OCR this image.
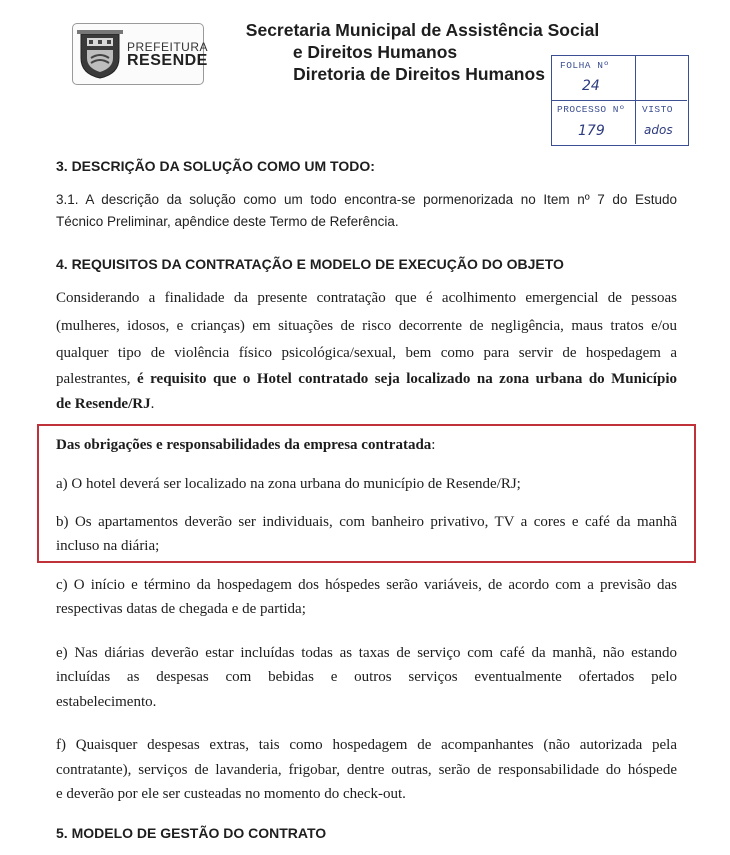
PREFEITURA
RESENDE
Secretaria Municipal de Assistência Social
e Direitos Humanos
Diretoria de Direitos Humanos	FOLHA Nº
24
PROCESSO Nº
179
VISTO
ados
3. DESCRIÇÃO DA SOLUÇÃO COMO UM TODO:
3.1. A descrição da solução como um todo encontra-se pormenorizada no Item nº 7 do Estudo
Técnico Preliminar, apêndice deste Termo de Referência.
4. REQUISITOS DA CONTRATAÇÃO E MODELO DE EXECUÇÃO DO OBJETO
Considerando a finalidade da presente contratação que é acolhimento emergencial de pessoas
(mulheres, idosos, e crianças) em situações de risco decorrente de negligência, maus tratos e/ou
qualquer tipo de violência físico psicológica/sexual, bem como para servir de hospedagem a
palestrantes, é requisito que o Hotel contratado seja localizado na zona urbana do Município
de Resende/RJ.
Das obrigações e responsabilidades da empresa contratada:
a) O hotel deverá ser localizado na zona urbana do município de Resende/RJ;
b) Os apartamentos deverão ser individuais, com banheiro privativo, TV a cores e café da manhã
incluso na diária;
c) O início e término da hospedagem dos hóspedes serão variáveis, de acordo com a previsão das
respectivas datas de chegada e de partida;
e) Nas diárias deverão estar incluídas todas as taxas de serviço com café da manhã, não estando
incluídas as despesas com bebidas e outros serviços eventualmente ofertados pelo
estabelecimento.
f) Quaisquer despesas extras, tais como hospedagem de acompanhantes (não autorizada pela
contratante), serviços de lavanderia, frigobar, dentre outras, serão de responsabilidade do hóspede
e deverão por ele ser custeadas no momento do check-out.
5. MODELO DE GESTÃO DO CONTRATO
